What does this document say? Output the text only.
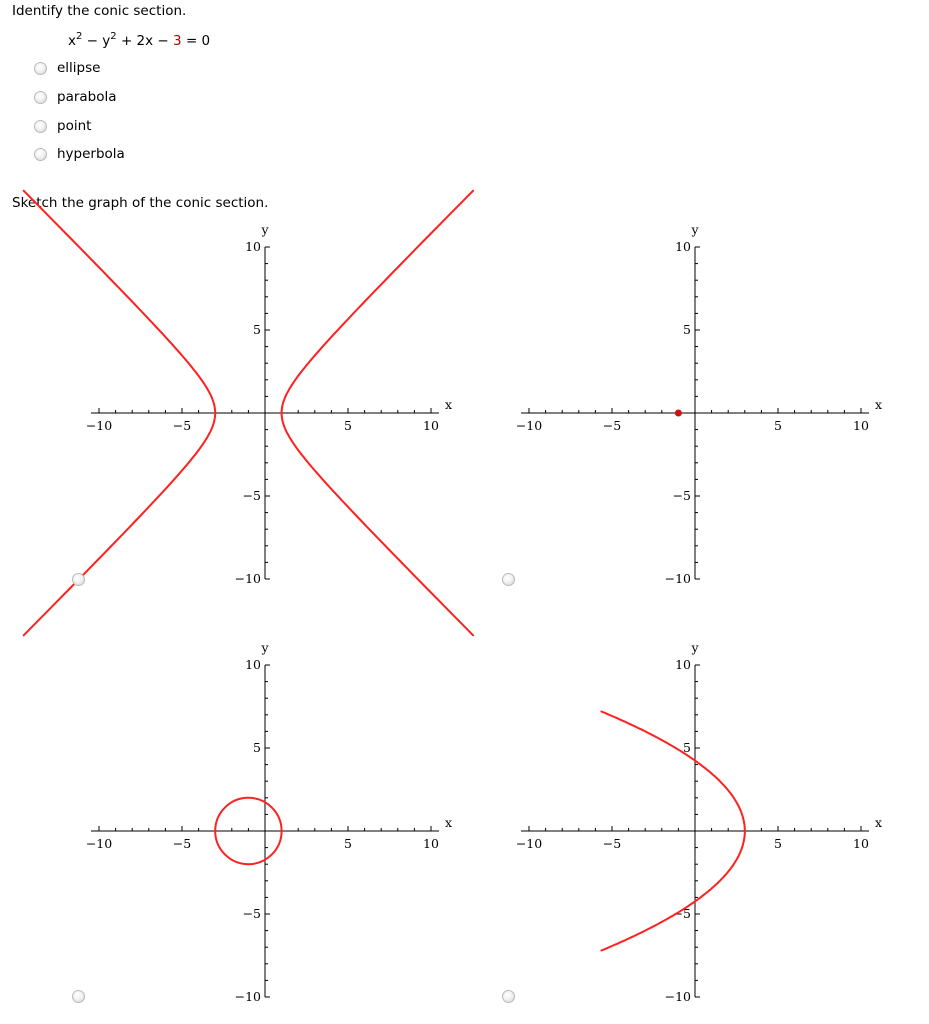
Identify the conic section.
$x^2 - y^2 + 2x - 3 = 0$
ellipse
parabola
point
hyperbola
Sketch the graph of the conic section.
−10	−5	5	10
10
5
−5
−10
x
y
−10	−5	5	10
10
5
−5
−10
x
y
−10	−5	5	10
10
5
−5
−10
x
y
−10	−5	5	10
10
5
−5
−10
x
y
